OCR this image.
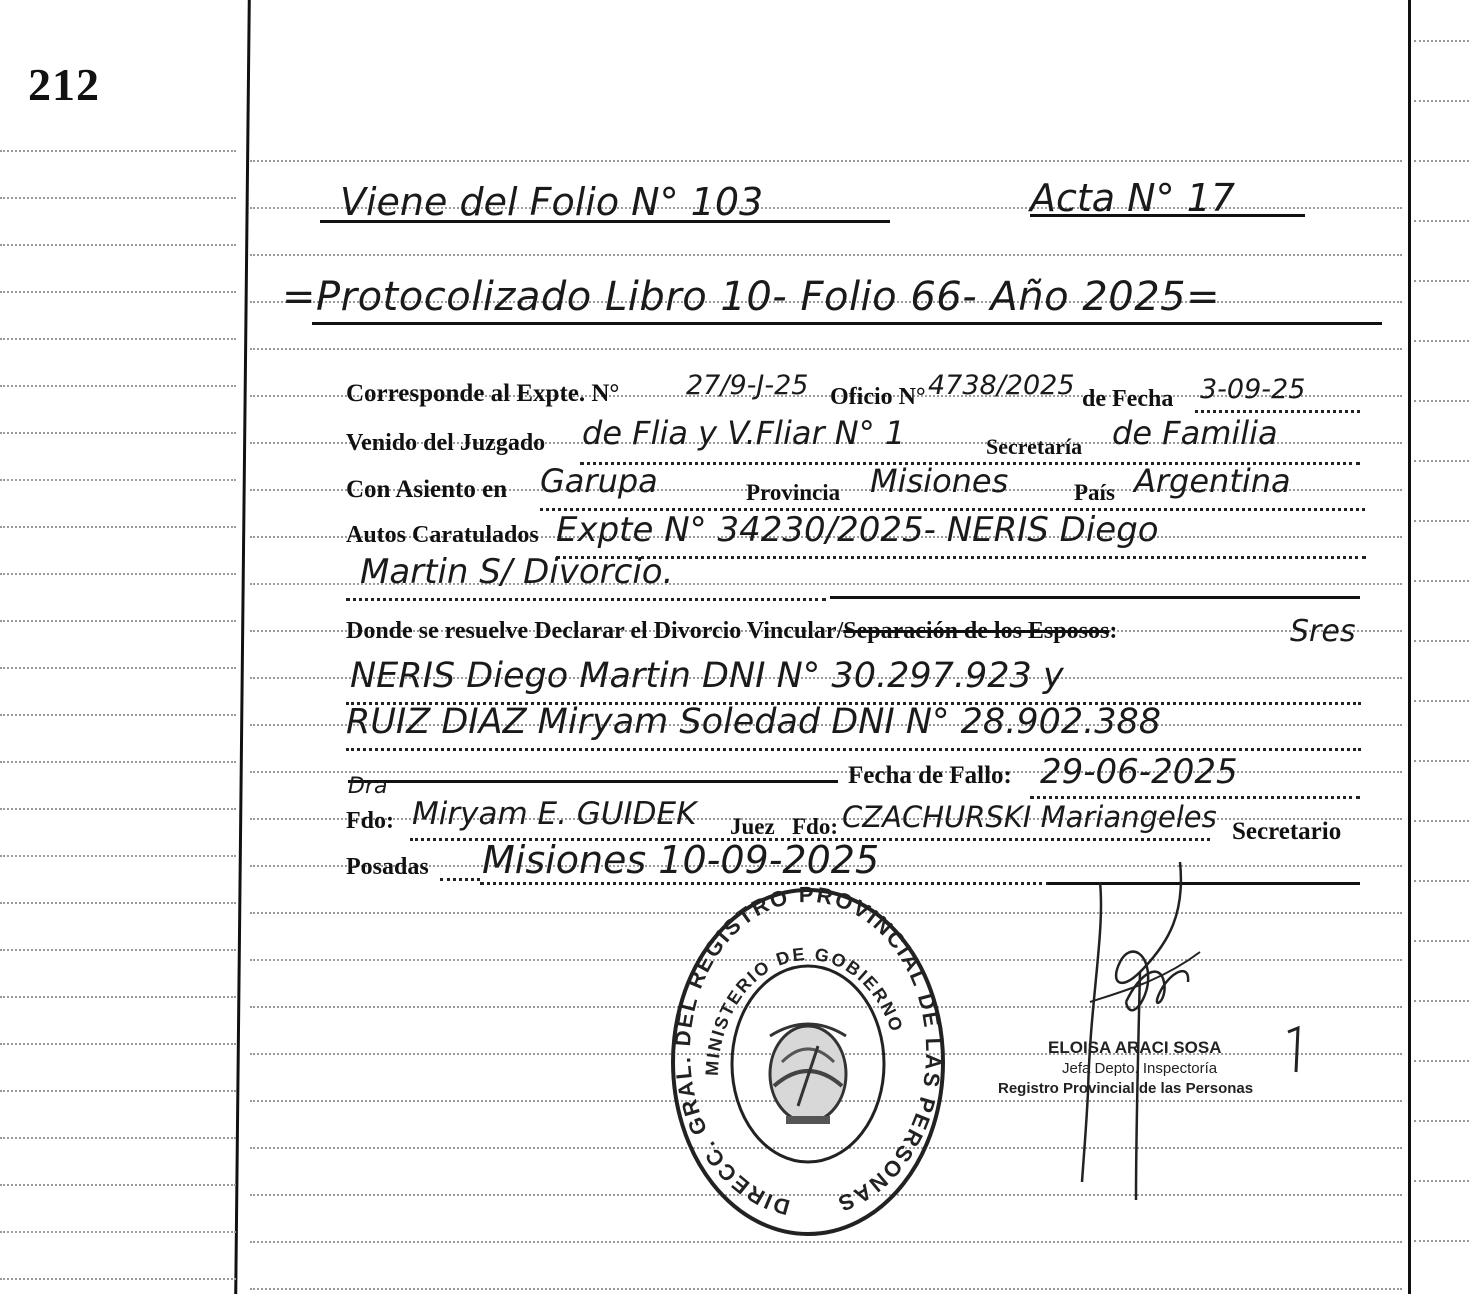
212
Viene del Folio N° 103	Acta N° 17
=Protocolizado Libro 10- Folio 66- Año 2025=
Corresponde al Expte. N° 27/9-J-25 Oficio N° 4738/2025 de Fecha 3-09-25
Venido del Juzgado de Flia y V.Fliar N° 1	Secretaría de Familia
Con Asiento en Garupa	Provincia Misiones	País Argentina
Autos Caratulados Expte N° 34230/2025- NERIS Diego
Martin S/ Divorcio.
Donde se resuelve Declarar el Divorcio Vincular/Separación de los Esposos:	Sres
NERIS Diego Martin DNI N° 30.297.923 y
RUIZ DIAZ Miryam Soledad DNI N° 28.902.388
Fecha de Fallo: 29-06-2025
Dra
Fdo: Miryam E. GUIDEK Juez Fdo: CZACHURSKI Mariangeles Secretario
Posadas Misiones 10-09-2025
DIRECC. GRAL. DEL REGISTRO PROVINCIAL DE LAS PERSONAS
MINISTERIO DE GOBIERNO
ELOISA ARACI SOSA
Jefa Depto. Inspectoría
Registro Provincial de las Personas
